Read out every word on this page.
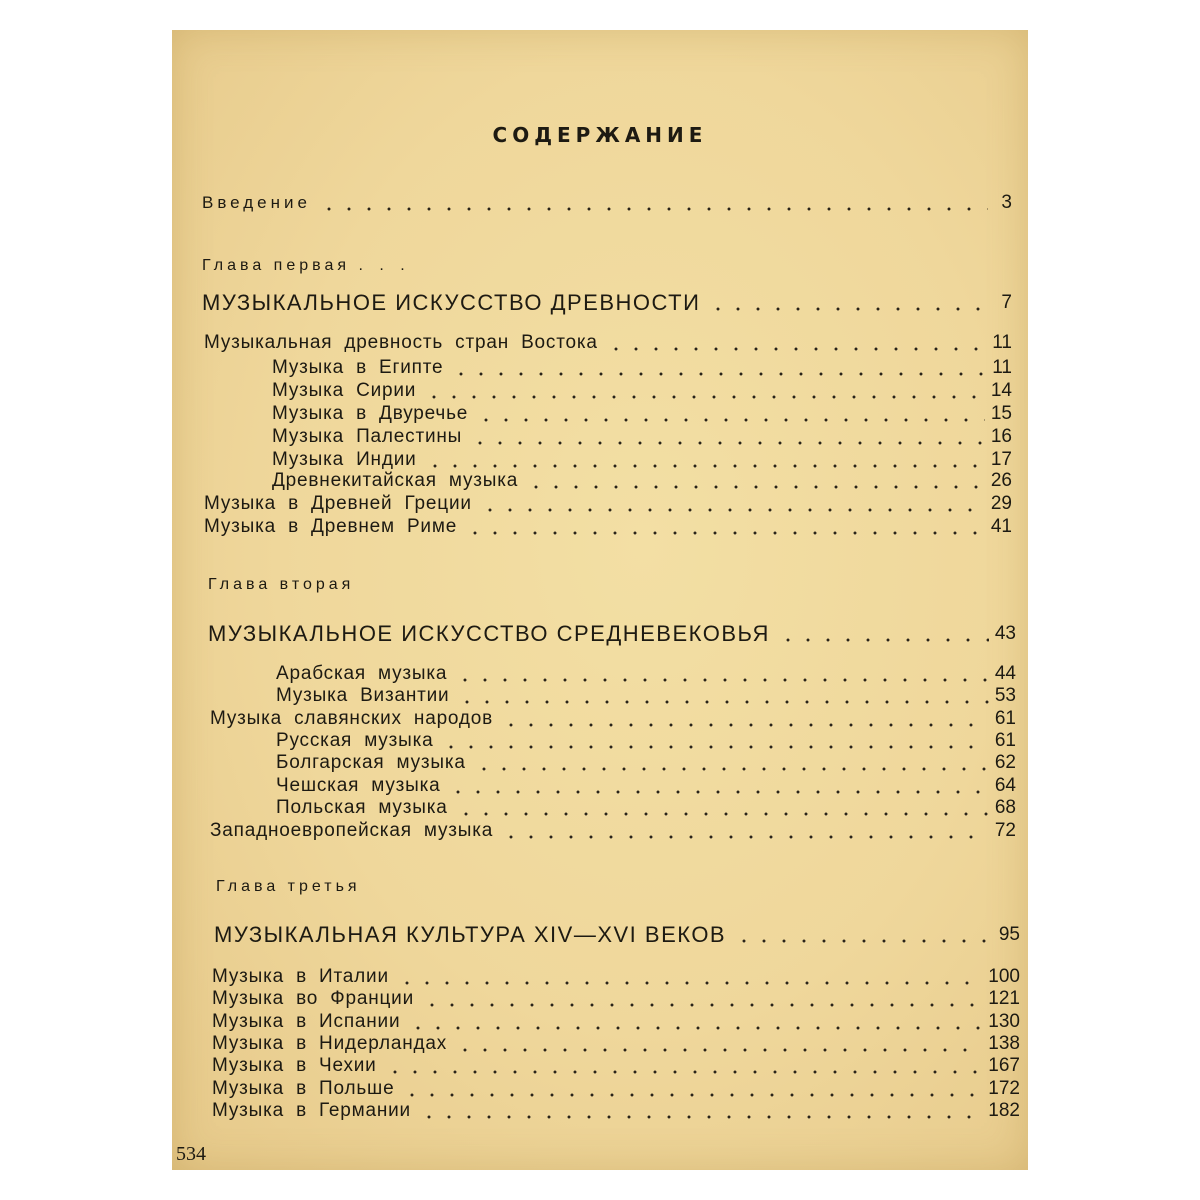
СОДЕРЖАНИЕ
Введение	3
Глава первая . . .
МУЗЫКАЛЬНОЕ ИСКУССТВО ДРЕВНОСТИ	7
Музыкальная древность стран Востока	11
Музыка в Египте	11
Музыка Сирии	14
Музыка в Двуречье	15
Музыка Палестины	16
Музыка Индии	17
Древнекитайская музыка	26
Музыка в Древней Греции	29
Музыка в Древнем Риме	41
Глава вторая
МУЗЫКАЛЬНОЕ ИСКУССТВО СРЕДНЕВЕКОВЬЯ	43
Арабская музыка	44
Музыка Византии	53
Музыка славянских народов	61
Русская музыка	61
Болгарская музыка	62
Чешская музыка	64
Польская музыка	68
Западноевропейская музыка	72
Глава третья
МУЗЫКАЛЬНАЯ КУЛЬТУРА XIV—XVI ВЕКОВ	95
Музыка в Италии	100
Музыка во Франции	121
Музыка в Испании	130
Музыка в Нидерландах	138
Музыка в Чехии	167
Музыка в Польше	172
Музыка в Германии	182
534
